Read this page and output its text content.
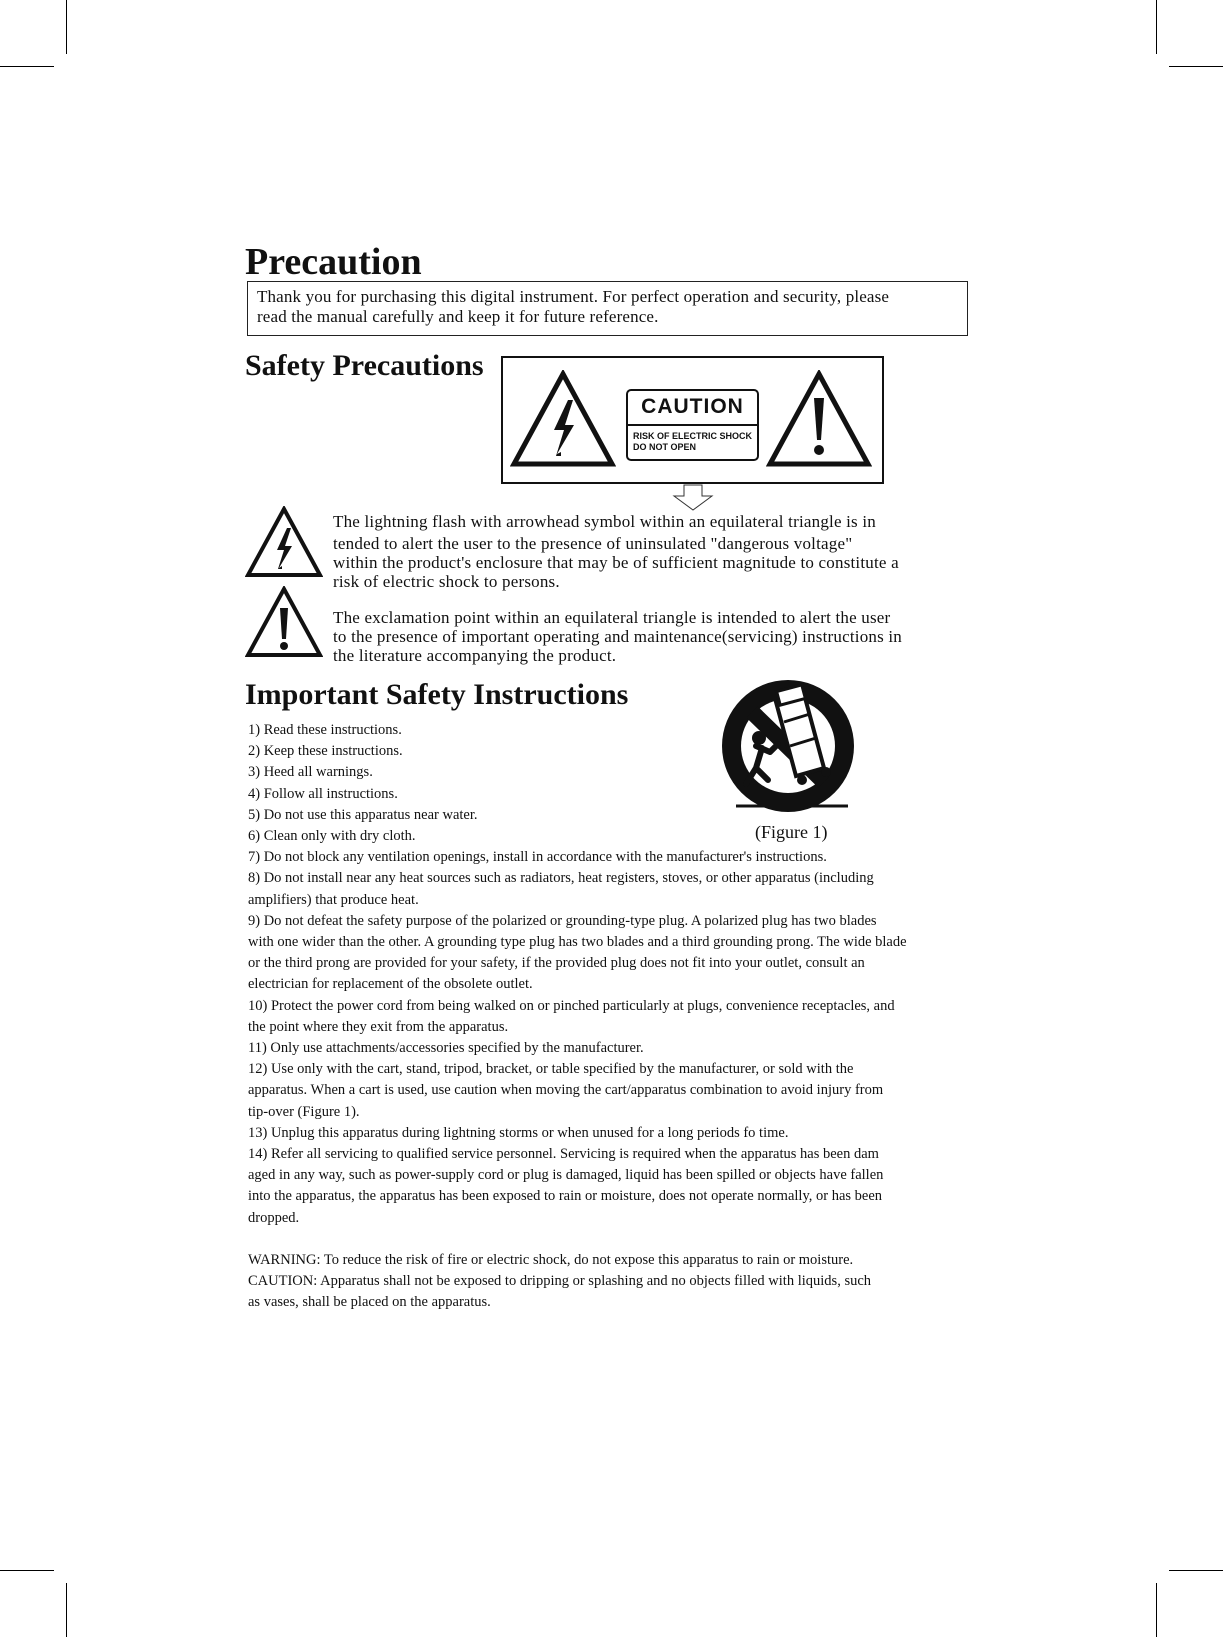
Precaution
Thank you for purchasing this digital instrument. For perfect operation and security, please
read the manual carefully and keep it for future reference.
Safety Precautions
CAUTION
RISK OF ELECTRIC SHOCK
DO NOT OPEN
The lightning flash with arrowhead symbol within an equilateral triangle is in
tended to alert the user to the presence of uninsulated "dangerous voltage"
within the product's enclosure that may be of sufficient magnitude to constitute a
risk of electric shock to persons.
The exclamation point within an equilateral triangle is intended to alert the user
to the presence of important operating and maintenance(servicing) instructions in
the literature accompanying the product.
Important Safety Instructions
(Figure 1)
1) Read these instructions.
2) Keep these instructions.
3) Heed all warnings.
4) Follow all instructions.
5) Do not use this apparatus near water.
6) Clean only with dry cloth.
7) Do not block any ventilation openings, install in accordance with the manufacturer's instructions.
8) Do not install near any heat sources such as radiators, heat registers, stoves, or other apparatus (including
amplifiers) that produce heat.
9) Do not defeat the safety purpose of the polarized or grounding-type plug. A polarized plug has two blades
with one wider than the other. A grounding type plug has two blades and a third grounding prong. The wide blade
or the third prong are provided for your safety, if the provided plug does not fit into your outlet, consult an
electrician for replacement of the obsolete outlet.
10) Protect the power cord from being walked on or pinched particularly at plugs, convenience receptacles, and
the point where they exit from the apparatus.
11) Only use attachments/accessories specified by the manufacturer.
12) Use only with the cart, stand, tripod, bracket, or table specified by the manufacturer, or sold with the
apparatus. When a cart is used, use caution when moving the cart/apparatus combination to avoid injury from
tip-over (Figure 1).
13) Unplug this apparatus during lightning storms or when unused for a long periods fo time.
14) Refer all servicing to qualified service personnel. Servicing is required when the apparatus has been dam
aged in any way, such as power-supply cord or plug is damaged, liquid has been spilled or objects have fallen
into the apparatus, the apparatus has been exposed to rain or moisture, does not operate normally, or has been
dropped.
WARNING: To reduce the risk of fire or electric shock, do not expose this apparatus to rain or moisture.
CAUTION: Apparatus shall not be exposed to dripping or splashing and no objects filled with liquids, such
as vases, shall be placed on the apparatus.
